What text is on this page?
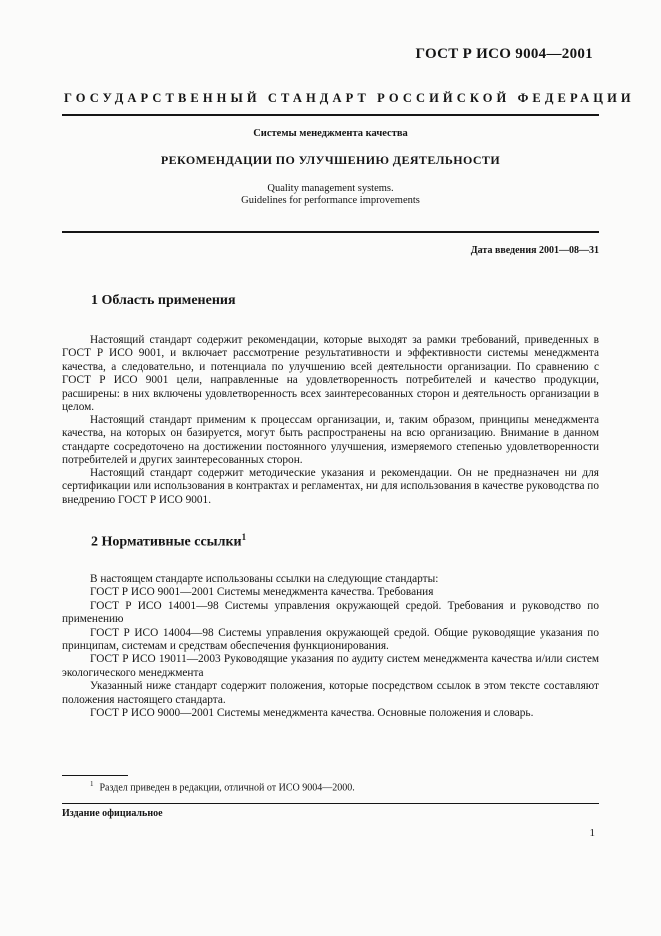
ГОСТ Р ИСО 9004—2001
ГОСУДАРСТВЕННЫЙ СТАНДАРТ РОССИЙСКОЙ ФЕДЕРАЦИИ
Системы менеджмента качества
РЕКОМЕНДАЦИИ ПО УЛУЧШЕНИЮ ДЕЯТЕЛЬНОСТИ
Quality management systems.
Guidelines for performance improvements
Дата введения 2001—08—31
1 Область применения

Настоящий стандарт содержит рекомендации, которые выходят за рамки требований, приведенных в ГОСТ Р ИСО 9001, и включает рассмотрение результативности и эффективности системы менеджмента качества, а следовательно, и потенциала по улучшению всей деятельности организации. По сравнению с ГОСТ Р ИСО 9001 цели, направленные на удовлетворенность потребителей и качество продукции, расширены: в них включены удовлетворенность всех заинтересованных сторон и деятельность организации в целом.

Настоящий стандарт применим к процессам организации, и, таким образом, принципы менеджмента качества, на которых он базируется, могут быть распространены на всю организацию. Внимание в данном стандарте сосредоточено на достижении постоянного улучшения, измеряемого степенью удовлетворенности потребителей и других заинтересованных сторон.

Настоящий стандарт содержит методические указания и рекомендации. Он не предназначен ни для сертификации или использования в контрактах и регламентах, ни для использования в качестве руководства по внедрению ГОСТ Р ИСО 9001.

2 Нормативные ссылки$^1$

В настоящем стандарте использованы ссылки на следующие стандарты:

ГОСТ Р ИСО 9001—2001 Системы менеджмента качества. Требования

ГОСТ Р ИСО 14001—98 Системы управления окружающей средой. Требования и руководство по применению

ГОСТ Р ИСО 14004—98 Системы управления окружающей средой. Общие руководящие указания по принципам, системам и средствам обеспечения функционирования.

ГОСТ Р ИСО 19011—2003 Руководящие указания по аудиту систем менеджмента качества и/или систем экологического менеджмента

Указанный ниже стандарт содержит положения, которые посредством ссылок в этом тексте составляют положения настоящего стандарта.

ГОСТ Р ИСО 9000—2001 Системы менеджмента качества. Основные положения и словарь.

$^1$ Раздел приведен в редакции, отличной от ИСО 9004—2000.
Издание официальное
1
